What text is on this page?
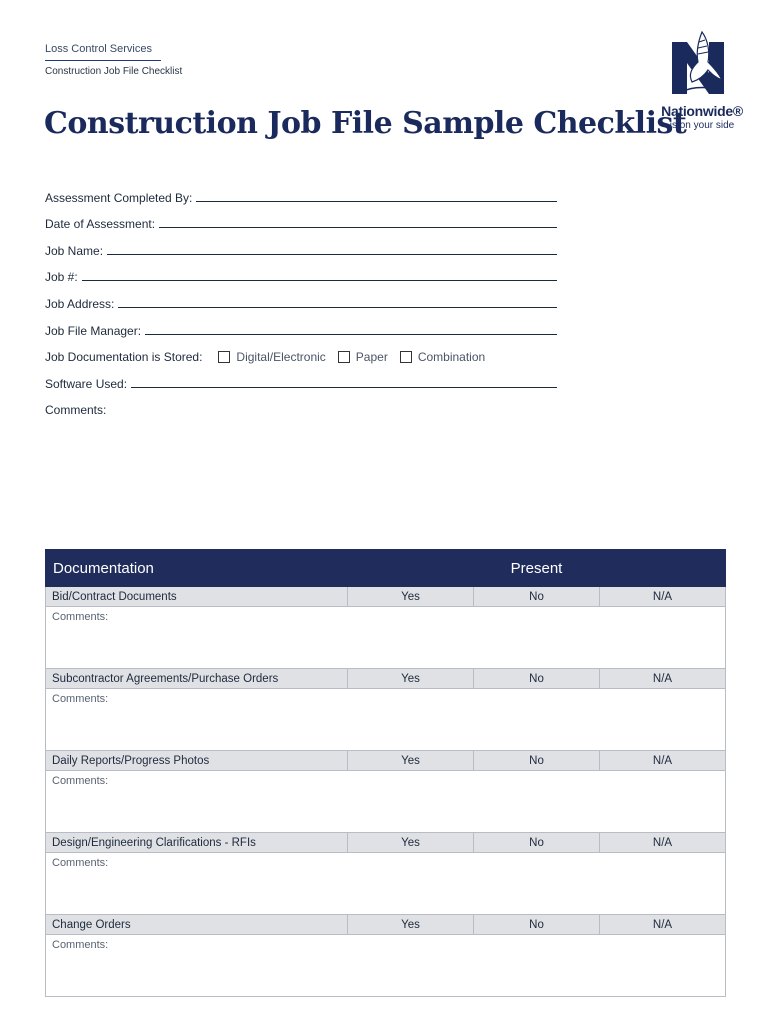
Loss Control Services
Construction Job File Checklist
Construction Job File Sample Checklist
Nationwide®
is on your side
Assessment Completed By:
Date of Assessment:
Job Name:
Job #:
Job Address:
Job File Manager:
Job Documentation is Stored:	Digital/Electronic	Paper	Combination
Software Used:
Comments:
Documentation	Present		
Bid/Contract Documents	Yes	No	N/A
Comments:			
Subcontractor Agreements/Purchase Orders	Yes	No	N/A
Comments:			
Daily Reports/Progress Photos	Yes	No	N/A
Comments:			
Design/Engineering Clarifications - RFIs	Yes	No	N/A
Comments:			
Change Orders	Yes	No	N/A
Comments:			
